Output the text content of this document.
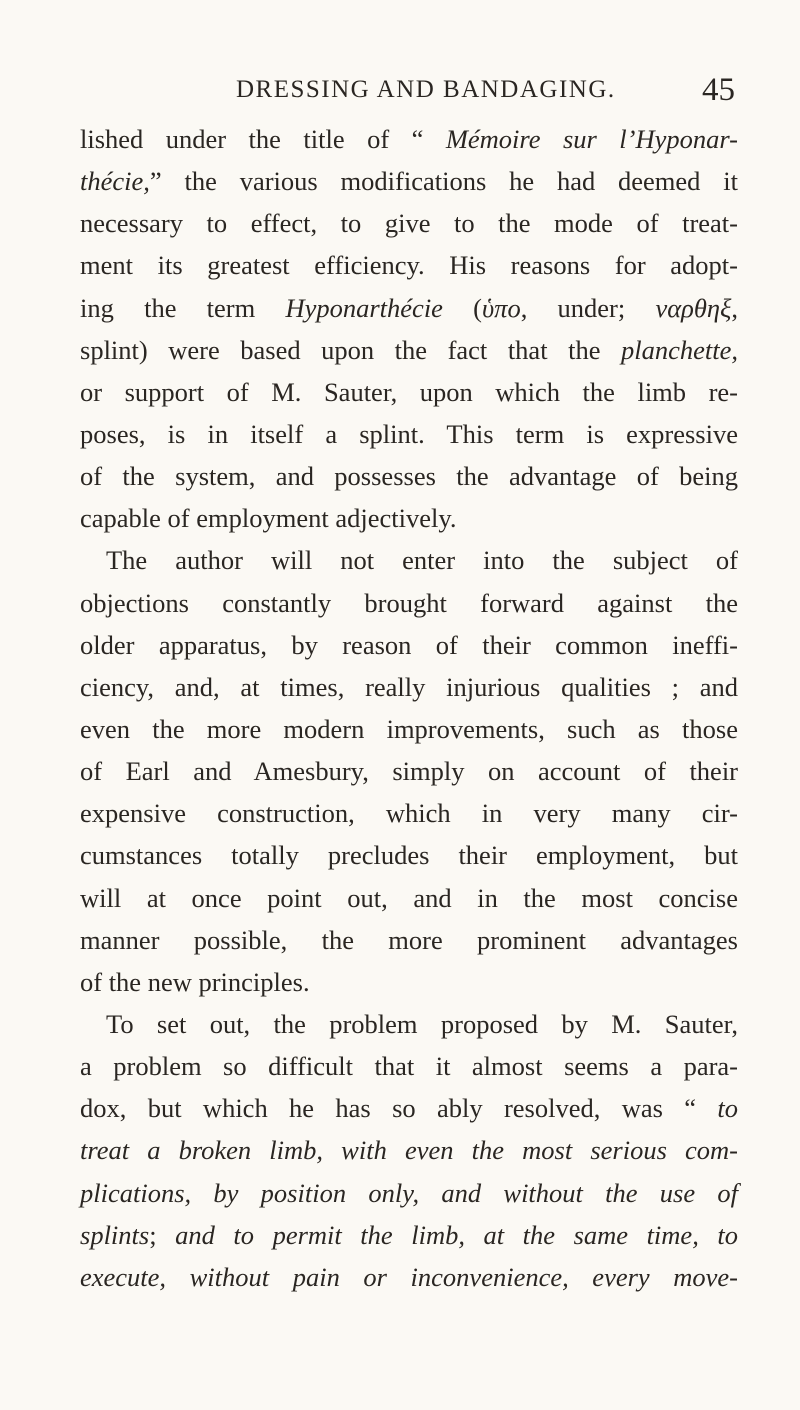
DRESSING AND BANDAGING.	45
lished under the title of “ Mémoire sur l’Hyponar-
thécie,” the various modifications he had deemed it
necessary to effect, to give to the mode of treat-
ment its greatest efficiency. His reasons for adopt-
ing the term Hyponarthécie (ὑπο, under; ναρθηξ,
splint) were based upon the fact that the planchette,
or support of M. Sauter, upon which the limb re-
poses, is in itself a splint. This term is expressive
of the system, and possesses the advantage of being
capable of employment adjectively.
The author will not enter into the subject of
objections constantly brought forward against the
older apparatus, by reason of their common ineffi-
ciency, and, at times, really injurious qualities ; and
even the more modern improvements, such as those
of Earl and Amesbury, simply on account of their
expensive construction, which in very many cir-
cumstances totally precludes their employment, but
will at once point out, and in the most concise
manner possible, the more prominent advantages
of the new principles.
To set out, the problem proposed by M. Sauter,
a problem so difficult that it almost seems a para-
dox, but which he has so ably resolved, was “ to
treat a broken limb, with even the most serious com-
plications, by position only, and without the use of
splints; and to permit the limb, at the same time, to
execute, without pain or inconvenience, every move-
